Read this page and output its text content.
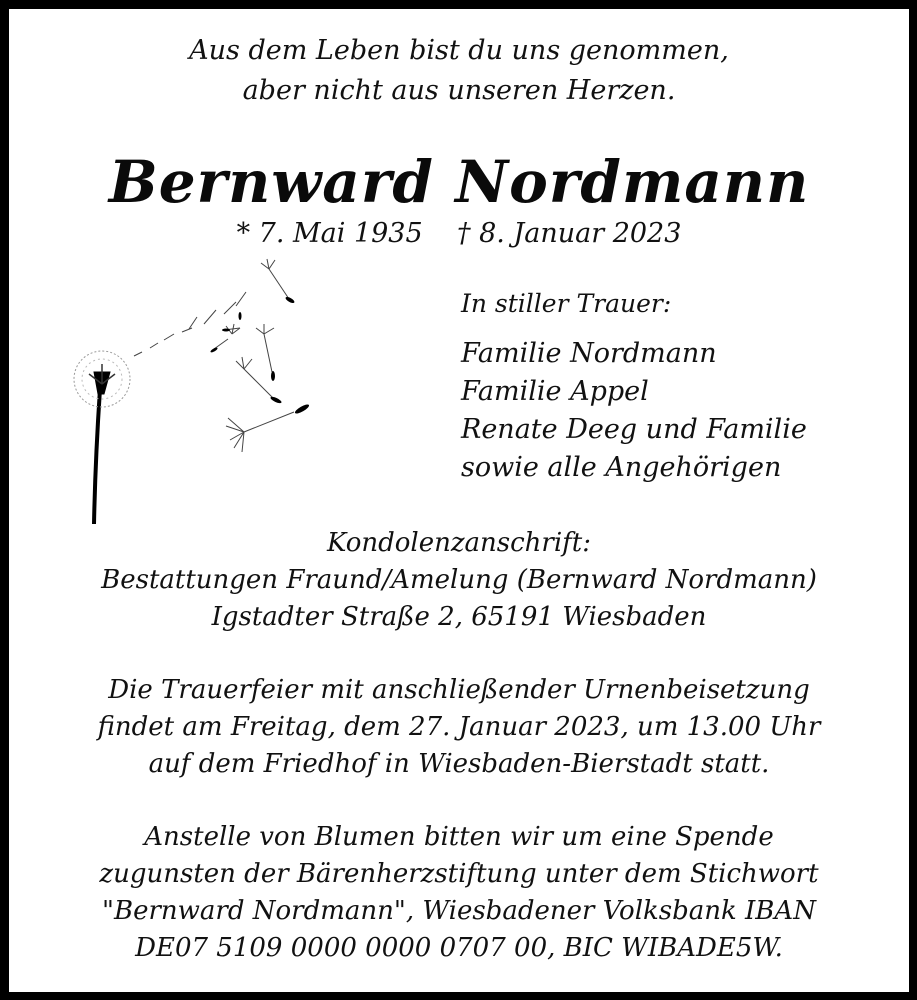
Aus dem Leben bist du uns genommen,
aber nicht aus unseren Herzen.
Bernward Nordmann
* 7. Mai 1935    † 8. Januar 2023
In stiller Trauer:
Familie Nordmann
Familie Appel
Renate Deeg und Familie
sowie alle Angehörigen
Kondolenzanschrift:
Bestattungen Fraund/Amelung (Bernward Nordmann)
Igstadter Straße 2, 65191 Wiesbaden
Die Trauerfeier mit anschließender Urnenbeisetzung
findet am Freitag, dem 27. Januar 2023, um 13.00 Uhr
auf dem Friedhof in Wiesbaden-Bierstadt statt.
Anstelle von Blumen bitten wir um eine Spende
zugunsten der Bärenherzstiftung unter dem Stichwort
"Bernward Nordmann", Wiesbadener Volksbank IBAN
DE07 5109 0000 0000 0707 00, BIC WIBADE5W.
